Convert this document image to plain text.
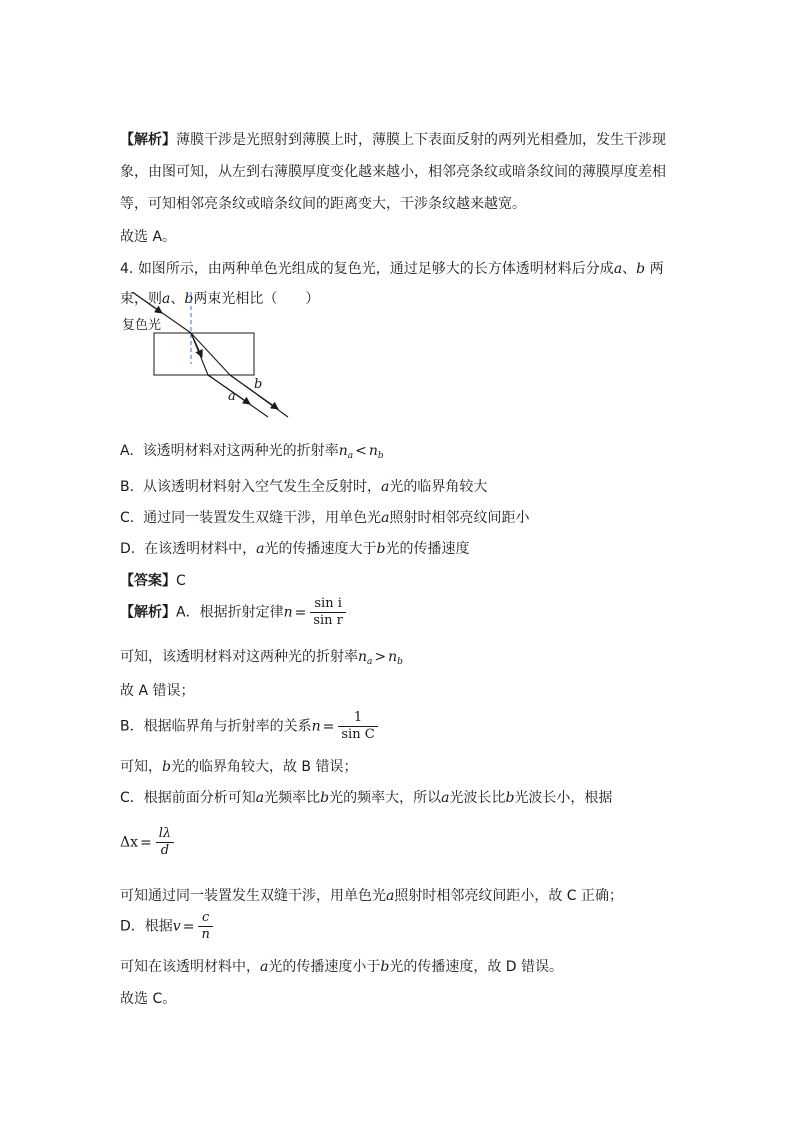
【解析】薄膜干涉是光照射到薄膜上时，薄膜上下表面反射的两列光相叠加，发生干涉现
象，由图可知，从左到右薄膜厚度变化越来越小，相邻亮条纹或暗条纹间的薄膜厚度差相
等，可知相邻亮条纹或暗条纹间的距离变大，干涉条纹越来越宽。
故选 A。
4. 如图所示，由两种单色光组成的复色光，通过足够大的长方体透明材料后分成a、b 两
束，则a、b两束光相比（　　）
复色光
a
b
A. 该透明材料对这两种光的折射率$n_a < n_b$
B. 从该透明材料射入空气发生全反射时，a光的临界角较大
C. 通过同一装置发生双缝干涉，用单色光a照射时相邻亮纹间距小
D. 在该透明材料中，a光的传播速度大于b光的传播速度
【答案】C
【解析】A．根据折射定律$n = \frac{\text{sin i}}{\text{sin r}}$
可知，该透明材料对这两种光的折射率$n_a > n_b$
故 A 错误；
B．根据临界角与折射率的关系$n = \frac{1}{\text{sin C}}$
可知，b光的临界角较大，故 B 错误；
C．根据前面分析可知a光频率比b光的频率大，所以a光波长比b光波长小，根据
$\Delta x = \frac{l\lambda}{d}$
可知通过同一装置发生双缝干涉，用单色光a照射时相邻亮纹间距小，故 C 正确；
D．根据$v = \frac{c}{n}$
可知在该透明材料中，a光的传播速度小于b光的传播速度，故 D 错误。
故选 C。
